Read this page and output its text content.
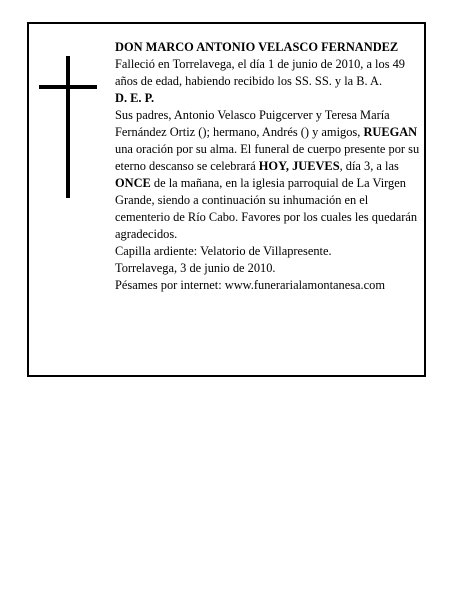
DON MARCO ANTONIO VELASCO FERNANDEZ

Falleció en Torrelavega, el día 1 de junio de 2010, a los 49 años de edad, habiendo recibido los SS. SS. y la B. A.

D. E. P.

Sus padres, Antonio Velasco Puigcerver y Teresa María Fernández Ortiz (); hermano, Andrés () y amigos, RUEGAN una oración por su alma. El funeral de cuerpo presente por su eterno descanso se celebrará HOY, JUEVES, día 3, a las ONCE de la mañana, en la iglesia parroquial de La Virgen Grande, siendo a continuación su inhumación en el cementerio de Río Cabo. Favores por los cuales les quedarán agradecidos.

Capilla ardiente: Velatorio de Villapresente.

Torrelavega, 3 de junio de 2010.

Pésames por internet: www.funerarialamontanesa.com
